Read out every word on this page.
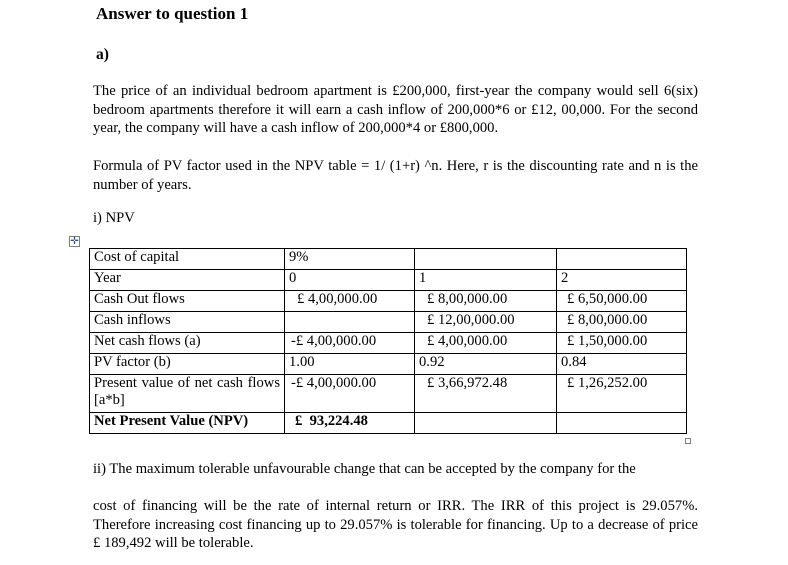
Answer to question 1
a)
The price of an individual bedroom apartment is £200,000, first-year the company would sell 6(six) bedroom apartments therefore it will earn a cash inflow of 200,000*6 or £12, 00,000. For the second year, the company will have a cash inflow of 200,000*4 or £800,000.
Formula of PV factor used in the NPV table = 1/ (1+r) ^n. Here, r is the discounting rate and n is the number of years.
i) NPV
✛
Cost of capital	9%		
Year	0	1	2
Cash Out flows	£ 4,00,000.00	£ 8,00,000.00	£ 6,50,000.00
Cash inflows		£ 12,00,000.00	£ 8,00,000.00
Net cash flows (a)	-£ 4,00,000.00	£ 4,00,000.00	£ 1,50,000.00
PV factor (b)	1.00	0.92	0.84
Present value of net cash flows [a*b]	-£ 4,00,000.00	£ 3,66,972.48	£ 1,26,252.00
Net Present Value (NPV)	£  93,224.48		
ii) The maximum tolerable unfavourable change that can be accepted by the company for the
cost of financing will be the rate of internal return or IRR. The IRR of this project is 29.057%. Therefore increasing cost financing up to 29.057% is tolerable for financing. Up to a decrease of price £ 189,492 will be tolerable.
